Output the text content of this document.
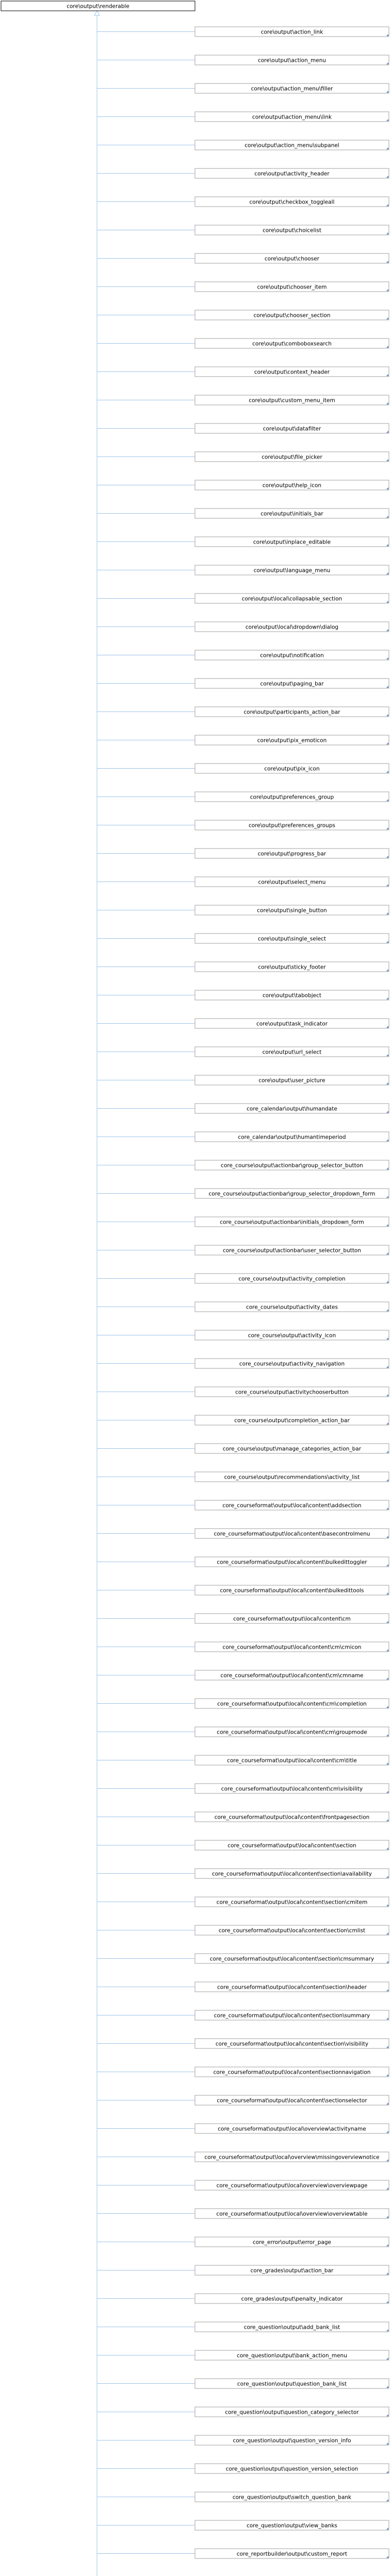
core\output\renderable
core\output\action_link
core\output\action_menu
core\output\action_menu\filler
core\output\action_menu\link
core\output\action_menu\subpanel
core\output\activity_header
core\output\checkbox_toggleall
core\output\choicelist
core\output\chooser
core\output\chooser_item
core\output\chooser_section
core\output\comboboxsearch
core\output\context_header
core\output\custom_menu_item
core\output\datafilter
core\output\file_picker
core\output\help_icon
core\output\initials_bar
core\output\inplace_editable
core\output\language_menu
core\output\local\collapsable_section
core\output\local\dropdown\dialog
core\output\notification
core\output\paging_bar
core\output\participants_action_bar
core\output\pix_emoticon
core\output\pix_icon
core\output\preferences_group
core\output\preferences_groups
core\output\progress_bar
core\output\select_menu
core\output\single_button
core\output\single_select
core\output\sticky_footer
core\output\tabobject
core\output\task_indicator
core\output\url_select
core\output\user_picture
core_calendar\output\humandate
core_calendar\output\humantimeperiod
core_course\output\actionbar\group_selector_button
core_course\output\actionbar\group_selector_dropdown_form
core_course\output\actionbar\initials_dropdown_form
core_course\output\actionbar\user_selector_button
core_course\output\activity_completion
core_course\output\activity_dates
core_course\output\activity_icon
core_course\output\activity_navigation
core_course\output\activitychooserbutton
core_course\output\completion_action_bar
core_course\output\manage_categories_action_bar
core_course\output\recommendations\activity_list
core_courseformat\output\local\content\addsection
core_courseformat\output\local\content\basecontrolmenu
core_courseformat\output\local\content\bulkedittoggler
core_courseformat\output\local\content\bulkedittools
core_courseformat\output\local\content\cm
core_courseformat\output\local\content\cm\cmicon
core_courseformat\output\local\content\cm\cmname
core_courseformat\output\local\content\cm\completion
core_courseformat\output\local\content\cm\groupmode
core_courseformat\output\local\content\cm\title
core_courseformat\output\local\content\cm\visibility
core_courseformat\output\local\content\frontpagesection
core_courseformat\output\local\content\section
core_courseformat\output\local\content\section\availability
core_courseformat\output\local\content\section\cmitem
core_courseformat\output\local\content\section\cmlist
core_courseformat\output\local\content\section\cmsummary
core_courseformat\output\local\content\section\header
core_courseformat\output\local\content\section\summary
core_courseformat\output\local\content\section\visibility
core_courseformat\output\local\content\sectionnavigation
core_courseformat\output\local\content\sectionselector
core_courseformat\output\local\overview\activityname
core_courseformat\output\local\overview\missingoverviewnotice
core_courseformat\output\local\overview\overviewpage
core_courseformat\output\local\overview\overviewtable
core_error\output\error_page
core_grades\output\action_bar
core_grades\output\penalty_indicator
core_question\output\add_bank_list
core_question\output\bank_action_menu
core_question\output\question_bank_list
core_question\output\question_category_selector
core_question\output\question_version_info
core_question\output\question_version_selection
core_question\output\switch_question_bank
core_question\output\view_banks
core_reportbuilder\output\custom_report
